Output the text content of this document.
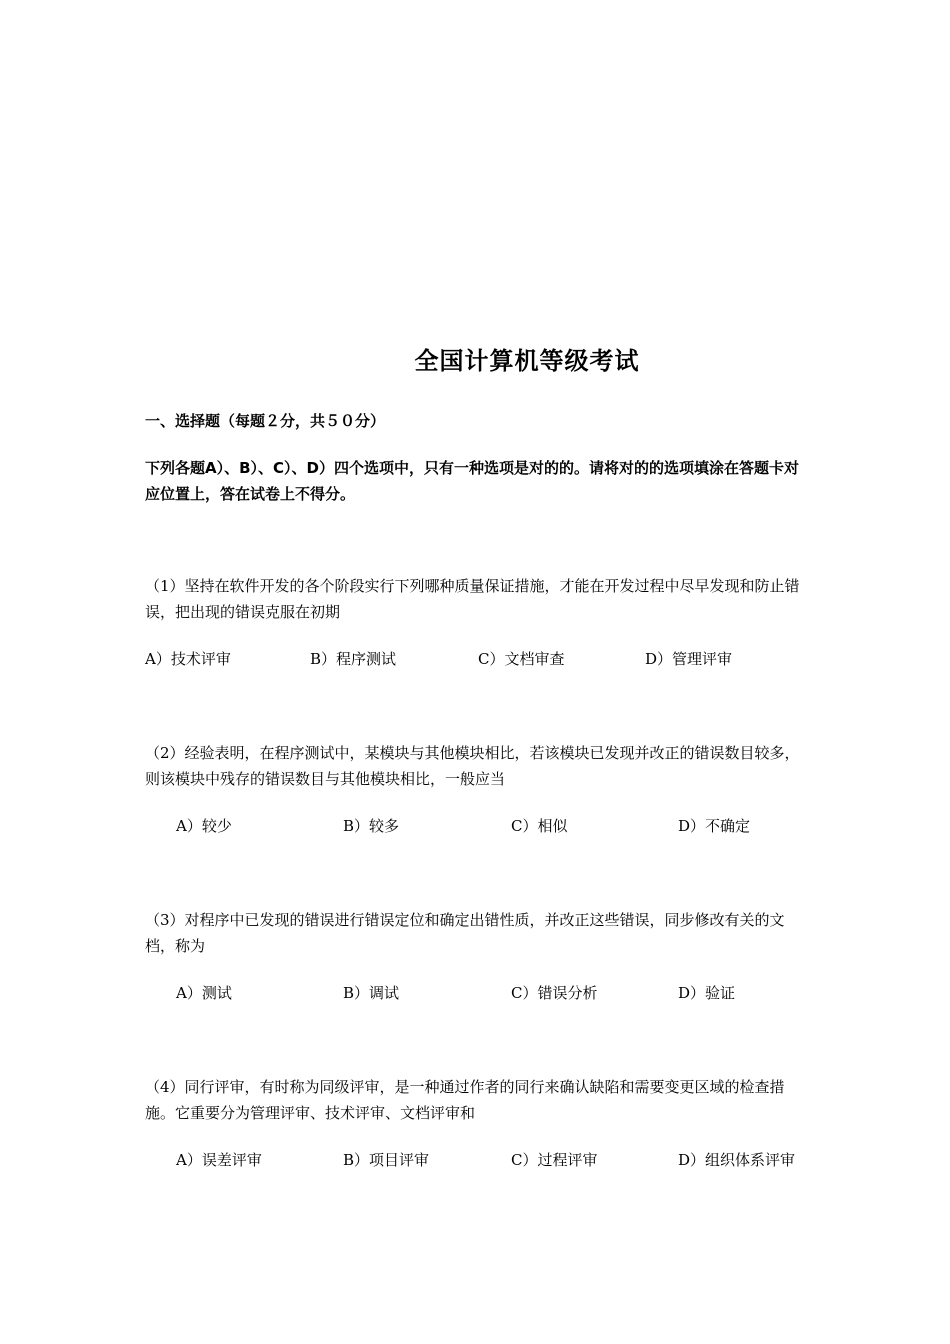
全国计算机等级考试
一、选择题（每题２分，共５０分）
下列各题A）、B）、C）、D）四个选项中，只有一种选项是对的的。请将对的的选项填涂在答题卡对应位置上，答在试卷上不得分。

（1）坚持在软件开发的各个阶段实行下列哪种质量保证措施，才能在开发过程中尽早发现和防止错误，把出现的错误克服在初期

A）技术评审	B）程序测试	C）文档审查	D）管理评审

（2）经验表明，在程序测试中，某模块与其他模块相比，若该模块已发现并改正的错误数目较多，则该模块中残存的错误数目与其他模块相比，一般应当

A）较少	B）较多	C）相似	D）不确定

（3）对程序中已发现的错误进行错误定位和确定出错性质，并改正这些错误，同步修改有关的文档，称为

A）测试	B）调试	C）错误分析	D）验证

（4）同行评审，有时称为同级评审，是一种通过作者的同行来确认缺陷和需要变更区域的检查措施。它重要分为管理评审、技术评审、文档评审和

A）误差评审	B）项目评审	C）过程评审	D）组织体系评审
